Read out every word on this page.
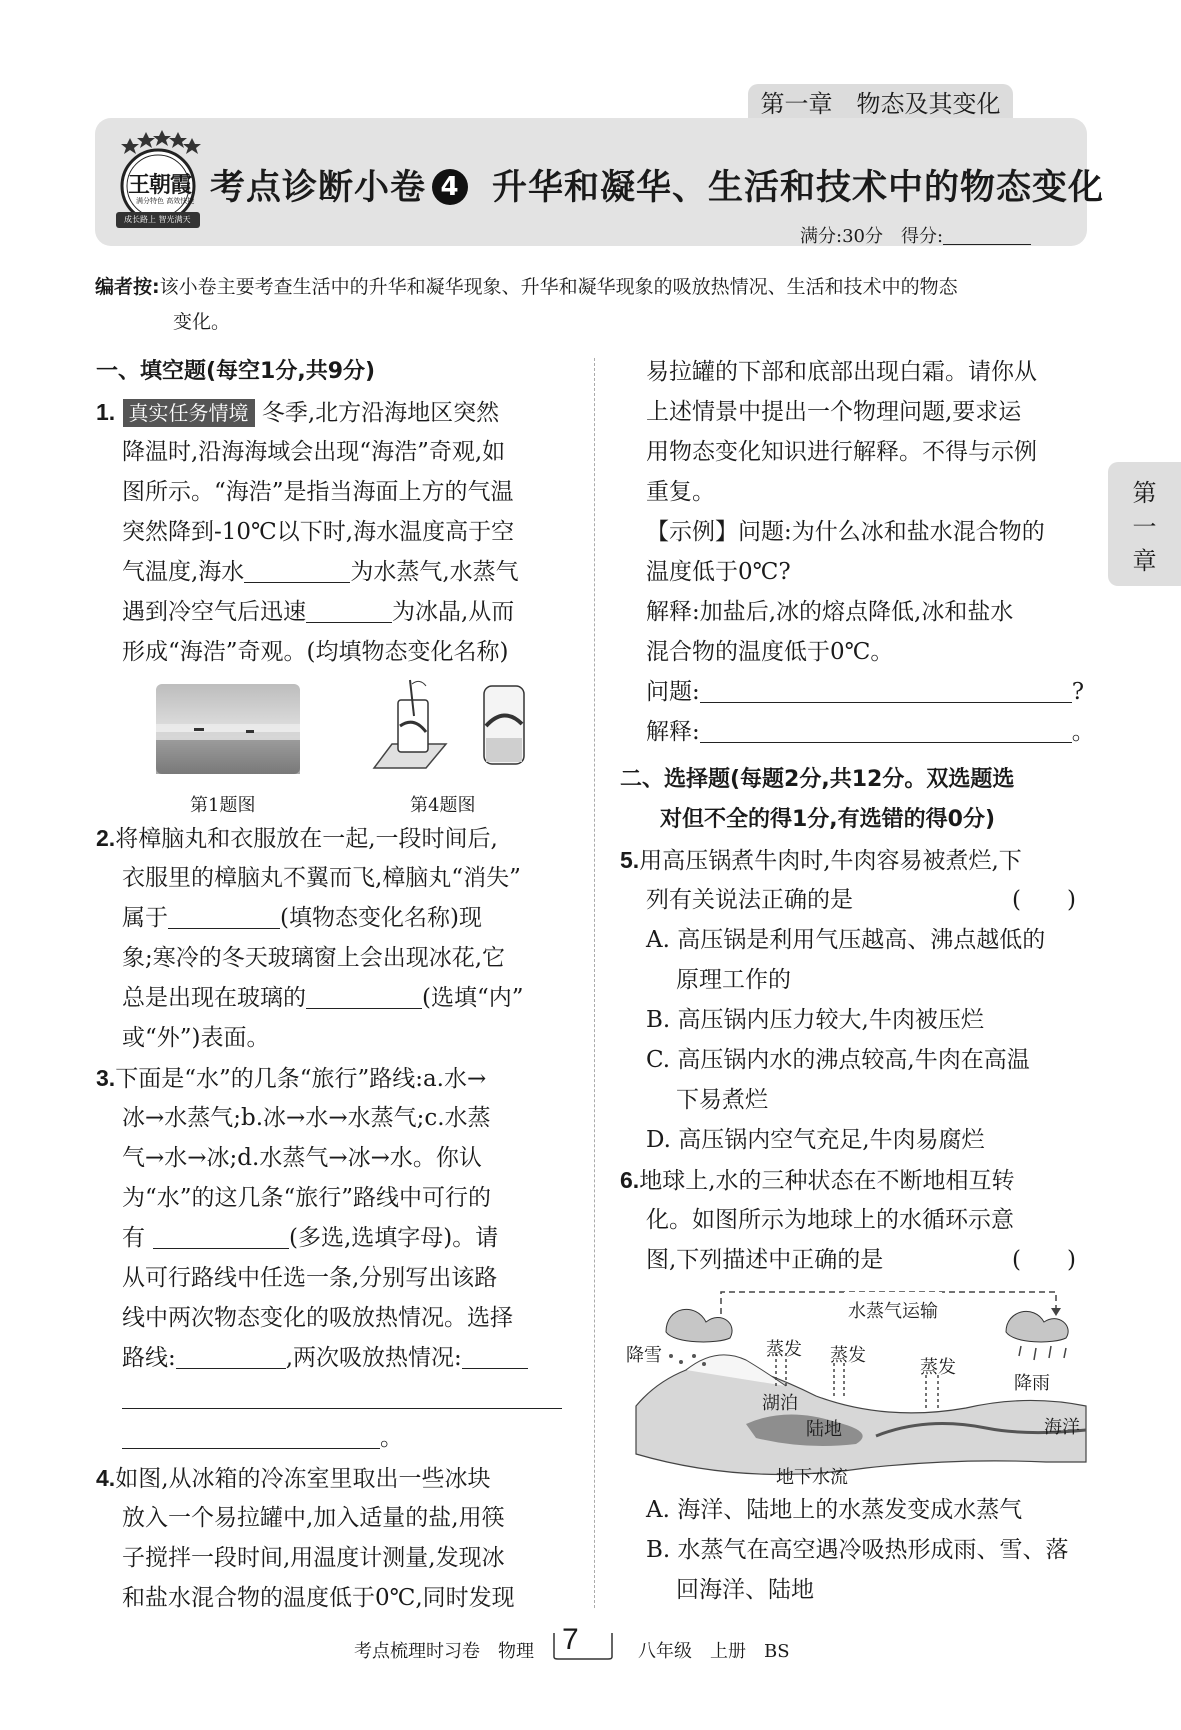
第一章　物态及其变化
王朝霞
满分特色 高效快捷
成长路上 智光满天
考点诊断小卷 4 升华和凝华、生活和技术中的物态变化
满分:30分　 得分:
编者按:该小卷主要考查生活中的升华和凝华现象、升华和凝华现象的吸放热情况、生活和技术中的物态
变化。
第
一
章
一、填空题(每空1分,共9分)
1. 真实任务情境 冬季,北方沿海地区突然
降温时,沿海海域会出现“海浩”奇观,如
图所示。“海浩”是指当海面上方的气温
突然降到-10℃以下时,海水温度高于空
气温度,海水	为水蒸气,水蒸气
遇到冷空气后迅速	为冰晶,从而
形成“海浩”奇观。(均填物态变化名称)
第1题图	第4题图
2.将樟脑丸和衣服放在一起,一段时间后,
衣服里的樟脑丸不翼而飞,樟脑丸“消失”
属于	(填物态变化名称)现
象;寒冷的冬天玻璃窗上会出现冰花,它
总是出现在玻璃的	(选填“内”
或“外”)表面。
3.下面是“水”的几条“旅行”路线:a.水→
冰→水蒸气;b.冰→水→水蒸气;c.水蒸
气→水→冰;d.水蒸气→冰→水。你认
为“水”的这几条“旅行”路线中可行的
有	(多选,选填字母)。请
从可行路线中任选一条,分别写出该路
线中两次物态变化的吸放热情况。选择
路线:	,两次吸放热情况:
。
4.如图,从冰箱的冷冻室里取出一些冰块
放入一个易拉罐中,加入适量的盐,用筷
子搅拌一段时间,用温度计测量,发现冰
和盐水混合物的温度低于0℃,同时发现
易拉罐的下部和底部出现白霜。请你从
上述情景中提出一个物理问题,要求运
用物态变化知识进行解释。不得与示例
重复。
【示例】问题:为什么冰和盐水混合物的
温度低于0℃?
解释:加盐后,冰的熔点降低,冰和盐水
混合物的温度低于0℃。
问题:	?
解释:	。
二、选择题(每题2分,共12分。双选题选
对但不全的得1分,有选错的得0分)
5.用高压锅煮牛肉时,牛肉容易被煮烂,下
列有关说法正确的是	(　　)
A. 高压锅是利用气压越高、沸点越低的
原理工作的
B. 高压锅内压力较大,牛肉被压烂
C. 高压锅内水的沸点较高,牛肉在高温
下易煮烂
D. 高压锅内空气充足,牛肉易腐烂
6.地球上,水的三种状态在不断地相互转
化。如图所示为地球上的水循环示意
图,下列描述中正确的是	(　　)
水蒸气运输
降雪	蒸发 蒸发
蒸发
降雨
湖泊
陆地	海洋
地下水流
A. 海洋、陆地上的水蒸发变成水蒸气
B. 水蒸气在高空遇冷吸热形成雨、雪、落
回海洋、陆地
考点梳理时习卷　物理 7	八年级　上册　BS
